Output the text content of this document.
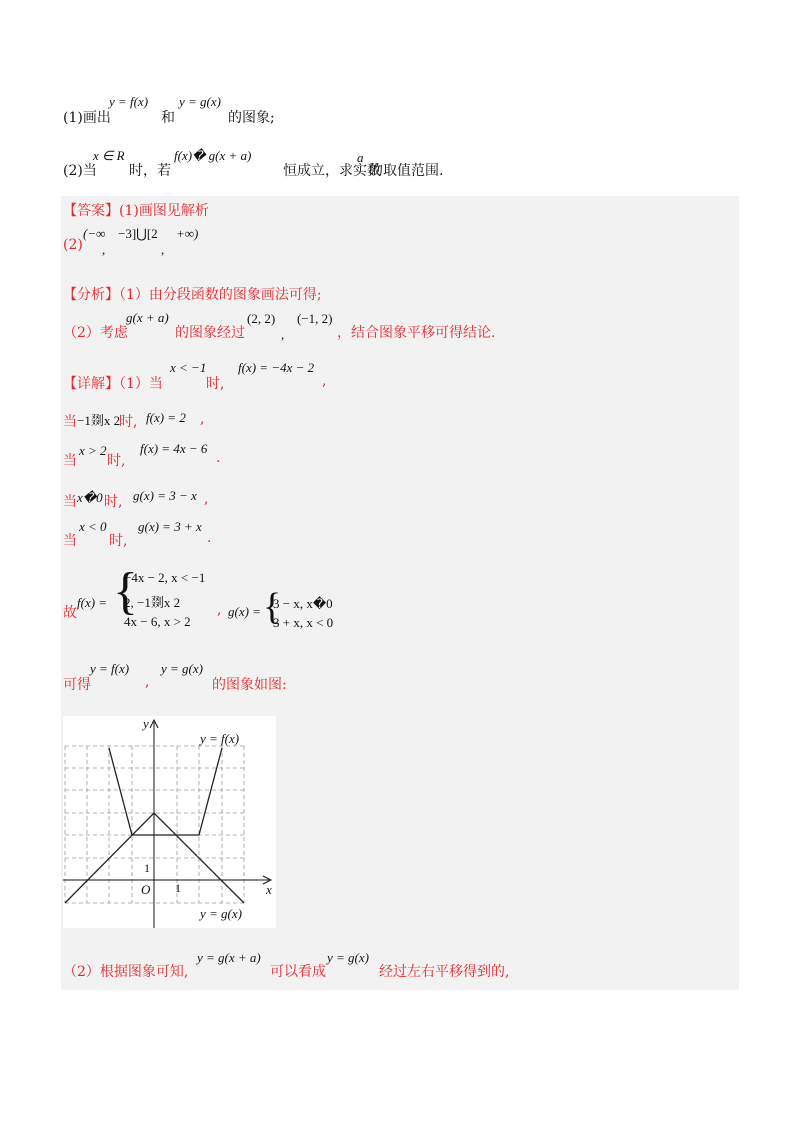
(1)画出
y = f(x)
和
y = g(x)
的图象;
(2)当
x ∈ R
时，若
f(x)� g(x + a)
恒成立，求实数
a
的取值范围.
【答案】(1)画图见解析
(2)
(−∞
,
−3]⋃[2
,
+∞)
【分析】（1）由分段函数的图象画法可得;
（2）考虑
g(x + a)
的图象经过
(2, 2)
,
(−1, 2)
，结合图象平移可得结论.
【详解】（1）当
x < −1
时,
f(x) = −4x − 2
,
当 −1剟x 2
时, f(x) = 2 ,
当
x > 2
时,
f(x) = 4x − 6
.
当 x�0 时, g(x) = 3 − x ,
当
x < 0
时,
g(x) = 3 + x
.
故
f(x) = {
−4x − 2, x < −1
2, −1剟x 2
4x − 6, x > 2
, g(x) = {
3 − x, x�0
3 + x, x < 0
可得
y = f(x)
,
y = g(x)
的图象如图:
y
x
O 1
1
y = f(x)
y = g(x)
（2）根据图象可知,
y = g(x + a)
可以看成
y = g(x)
经过左右平移得到的,
